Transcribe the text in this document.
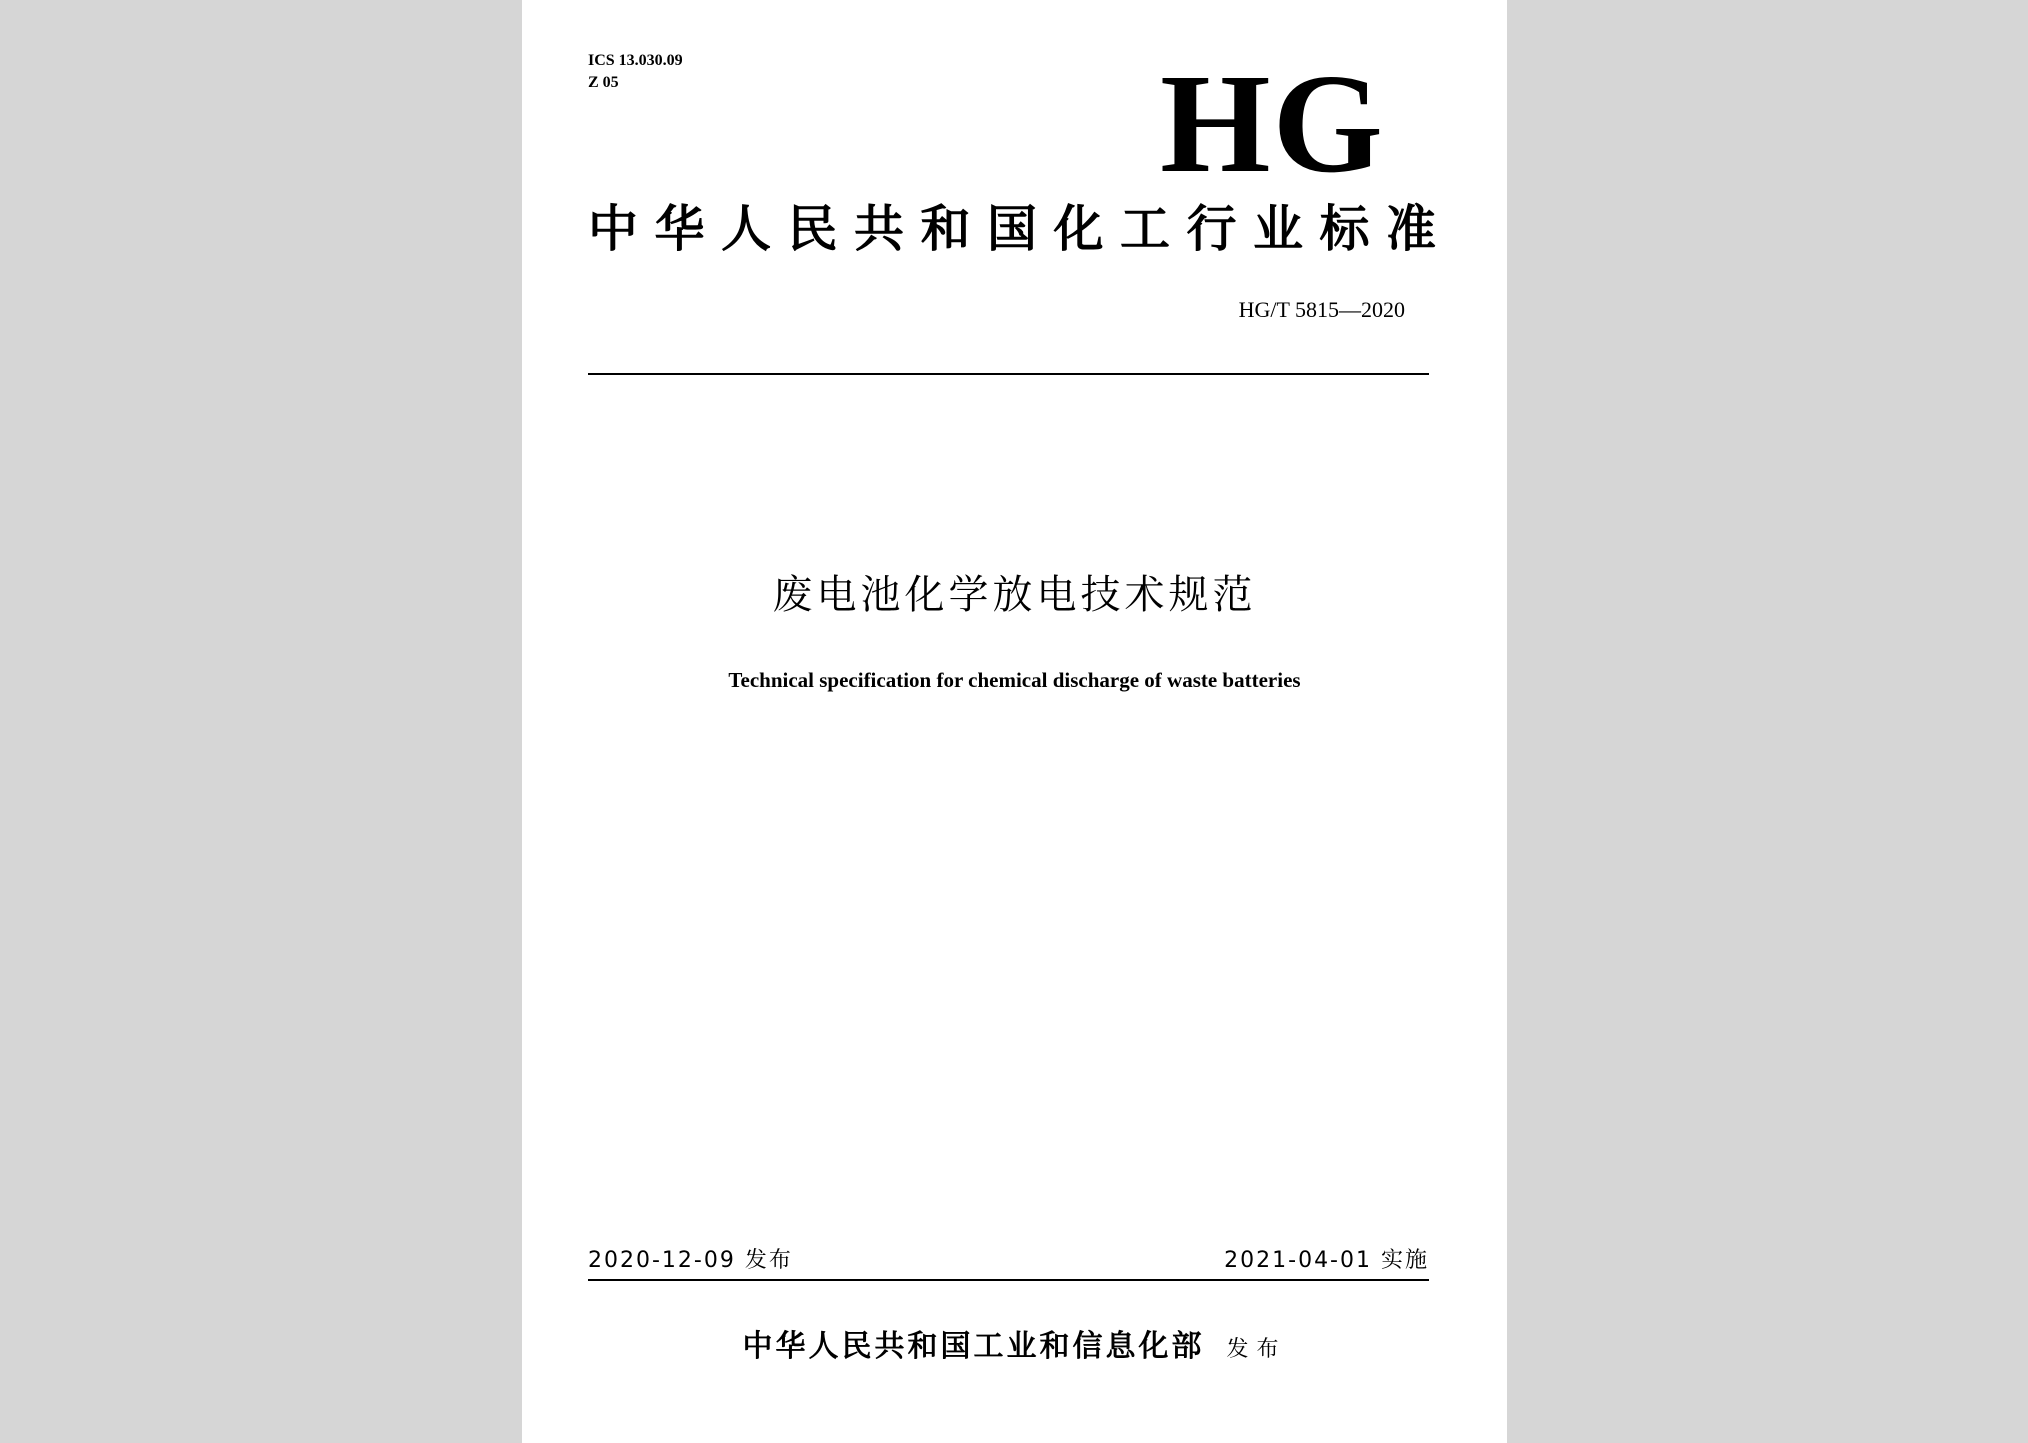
ICS 13.030.09
Z 05	HG
中华人民共和国化工行业标准
HG/T 5815—2020
废电池化学放电技术规范
Technical specification for chemical discharge of waste batteries
2020-12-09 发布	2021-04-01 实施
中华人民共和国工业和信息化部 发布
